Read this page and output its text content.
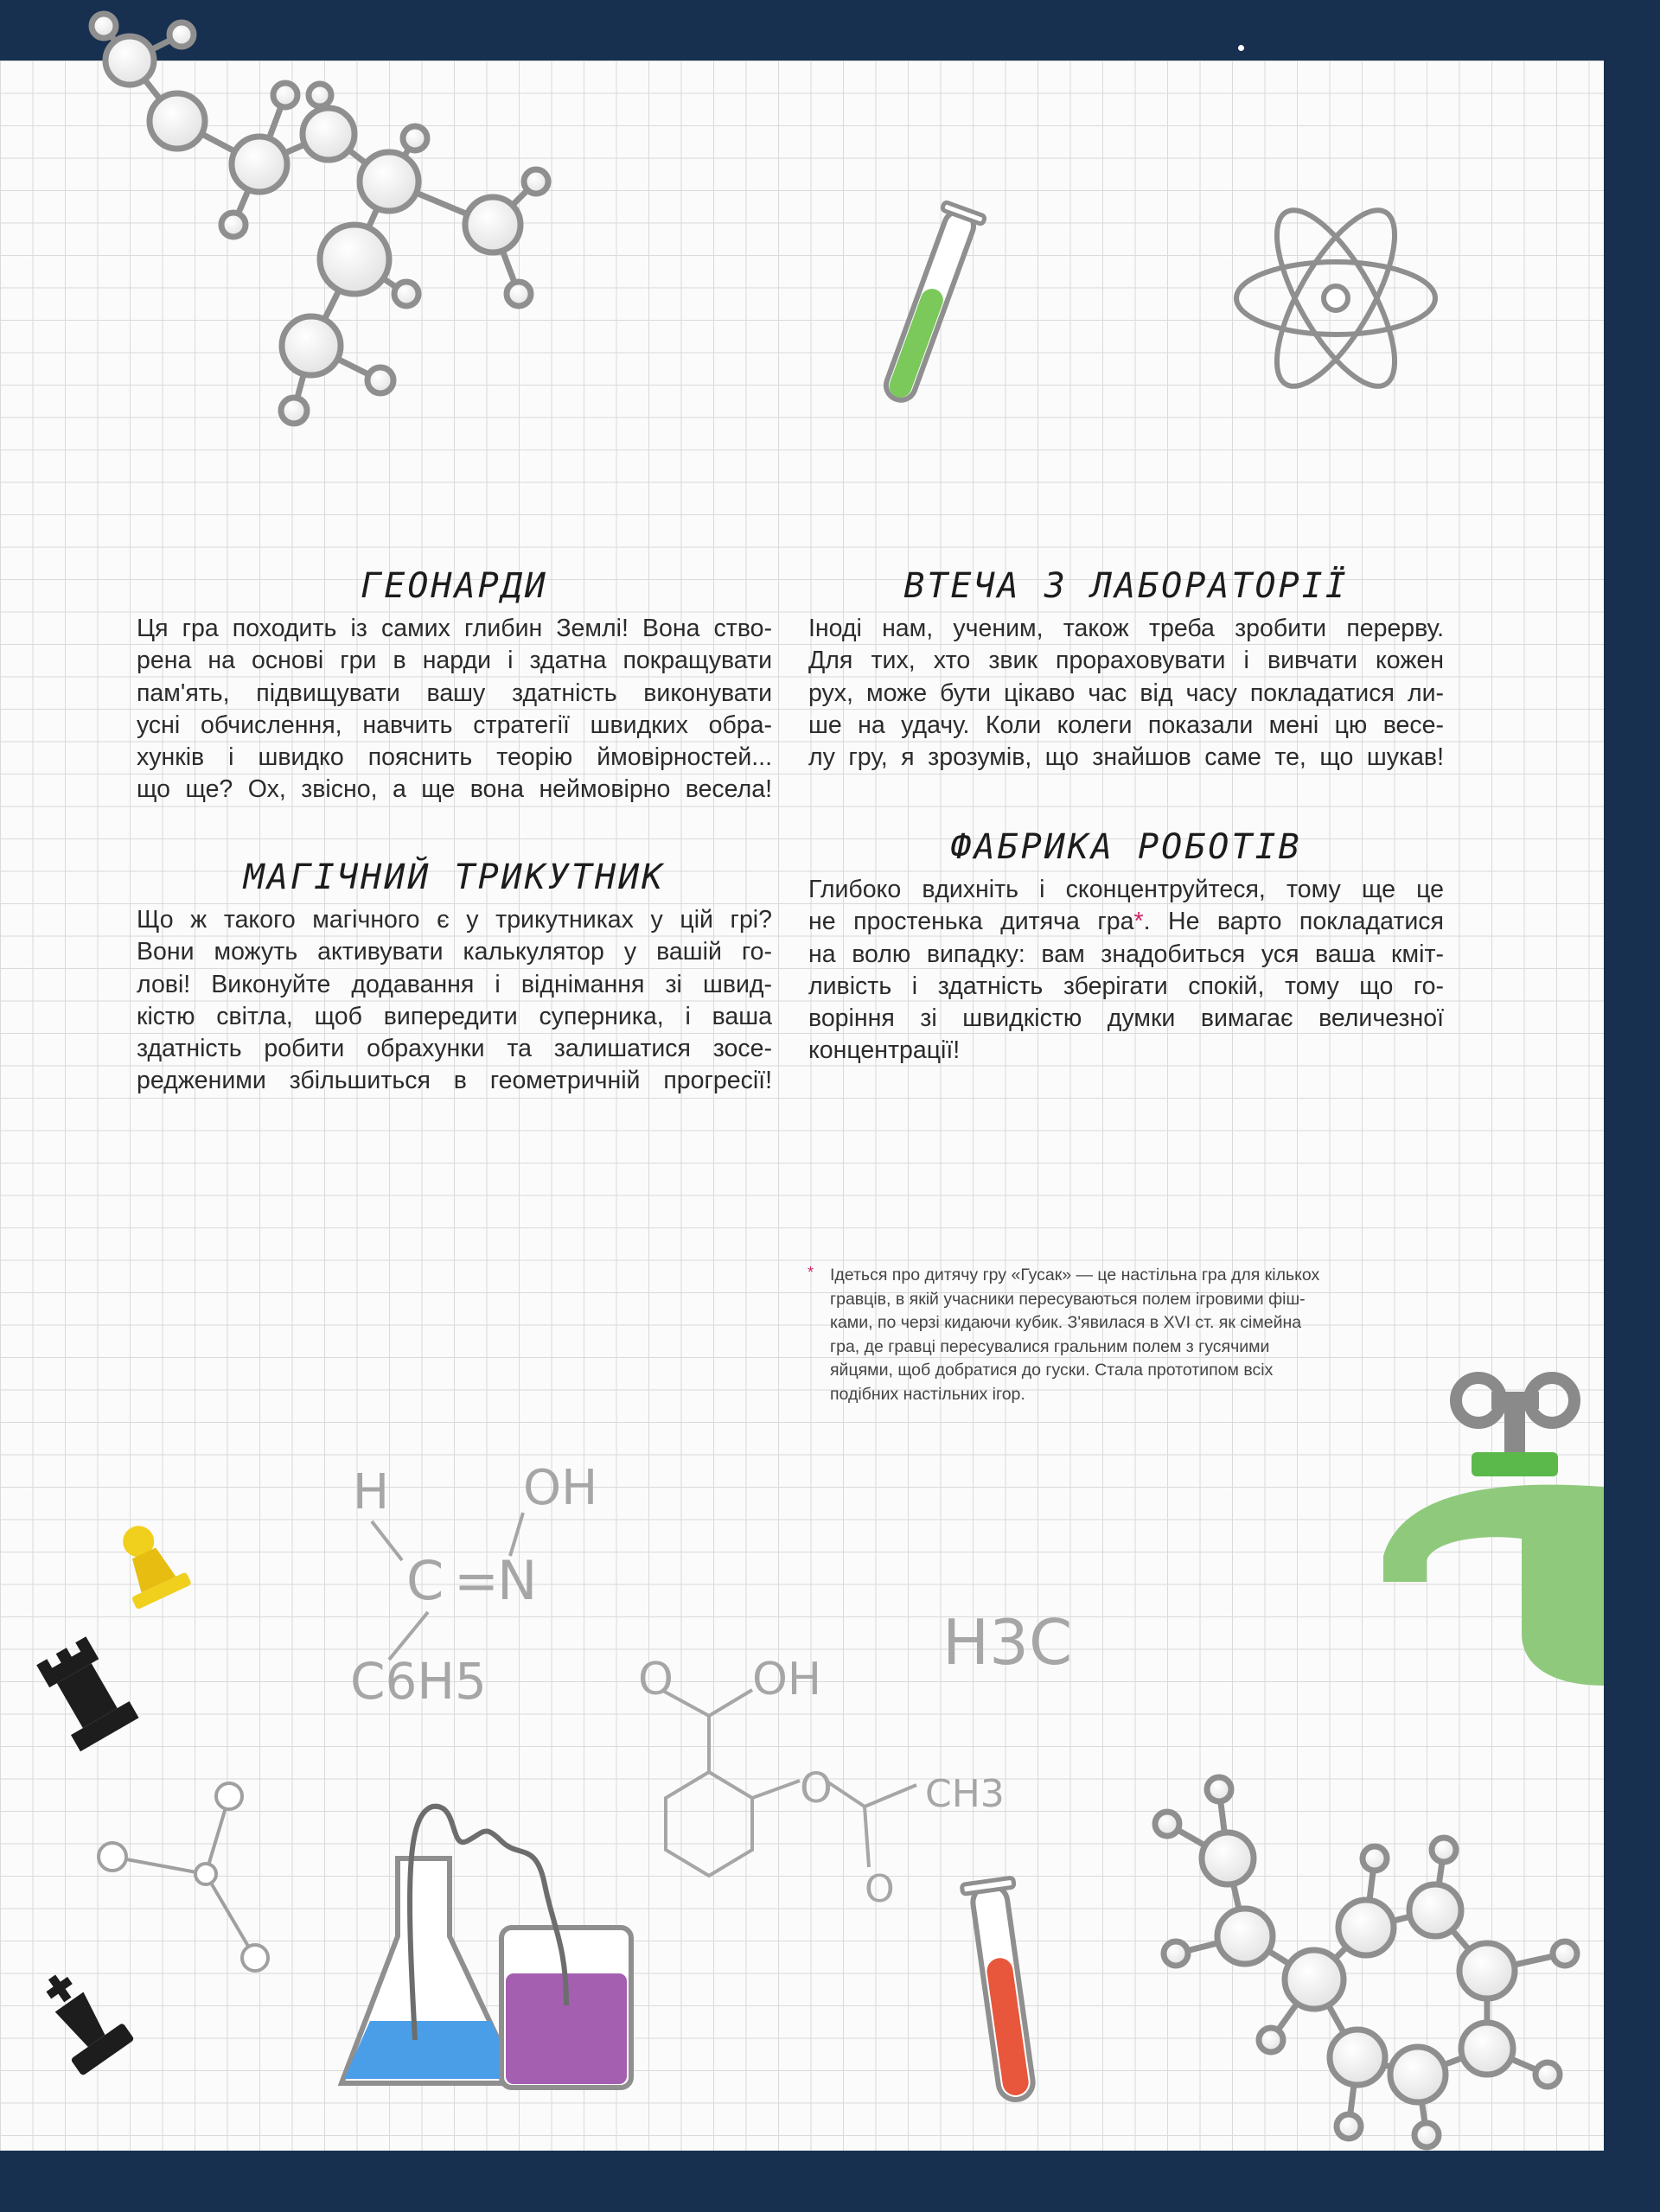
ГЕОНАРДИ

Ця гра походить із самих глибин Землі! Вона ство-
рена на основі гри в нарди і здатна покращувати
пам'ять, підвищувати вашу здатність виконувати
усні обчислення, навчить стратегії швидких обра-
хунків і швидко пояснить теорію ймовірностей...
що ще? Ох, звісно, а ще вона неймовірно весела!

ВТЕЧА З ЛАБОРАТОРІЇ

Іноді нам, ученим, також треба зробити перерву.
Для тих, хто звик прораховувати і вивчати кожен
рух, може бути цікаво час від часу покладатися ли-
ше на удачу. Коли колеги показали мені цю весе-
лу гру, я зрозумів, що знайшов саме те, що шукав!

МАГІЧНИЙ ТРИКУТНИК

Що ж такого магічного є у трикутниках у цій грі?
Вони можуть активувати калькулятор у вашій го-
лові! Виконуйте додавання і віднімання зі швид-
кістю світла, щоб випередити суперника, і ваша
здатність робити обрахунки та залишатися зосе-
редженими збільшиться в геометричній прогресії!

ФАБРИКА РОБОТІВ

Глибоко вдихніть і сконцентруйтеся, тому ще це
не простенька дитяча гра*. Не варто покладатися
на волю випадку: вам знадобиться уся ваша кміт-
ливість і здатність зберігати спокій, тому що го-
воріння зі швидкістю думки вимагає величезної
концентрації!

* Ідеться про дитячу гру «Гусак» — це настільна гра для кількох
гравців, в якій учасники пересуваються полем ігровими фіш-
ками, по черзі кидаючи кубик. З'явилася в XVI ст. як сімейна
гра, де гравці пересувалися гральним полем з гусячими
яйцями, щоб добратися до гуски. Стала прототипом всіх
подібних настільних ігор.
H	OH
C =
N
C6H5	O OH
H3C
O CH3
O
